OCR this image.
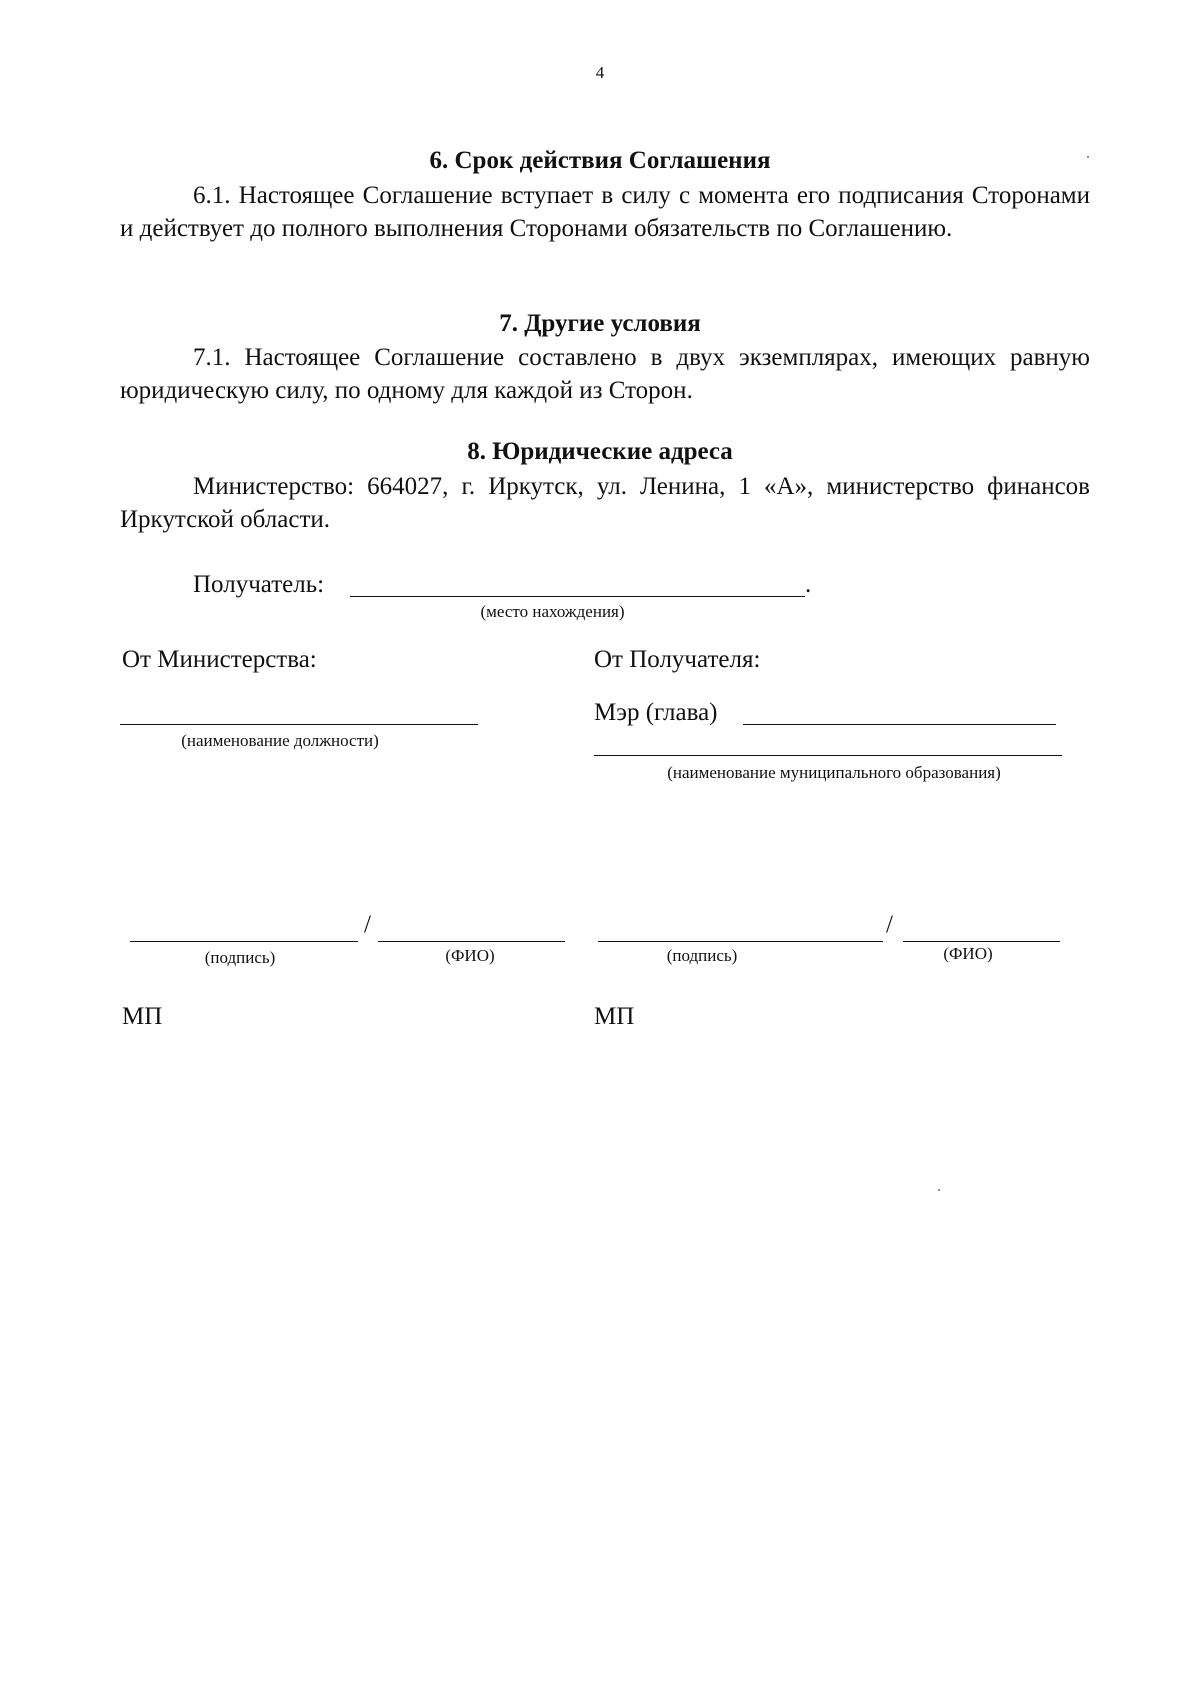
4
6. Срок действия Соглашения
6.1. Настоящее Соглашение вступает в силу с момента его подписания Сторонами и действует до полного выполнения Сторонами обязательств по Соглашению.
7. Другие условия
7.1. Настоящее Соглашение составлено в двух экземплярах, имеющих равную юридическую силу, по одному для каждой из Сторон.
8. Юридические адреса
Министерство: 664027, г. Иркутск, ул. Ленина, 1 «А», министерство финансов Иркутской области.
Получатель:	.
(место нахождения)
От Министерства:	От Получателя:
(наименование должности)
Мэр (глава)
(наименование муниципального образования)
/
(подпись)	(ФИО)
/
(подпись)	(ФИО)
МП	МП
